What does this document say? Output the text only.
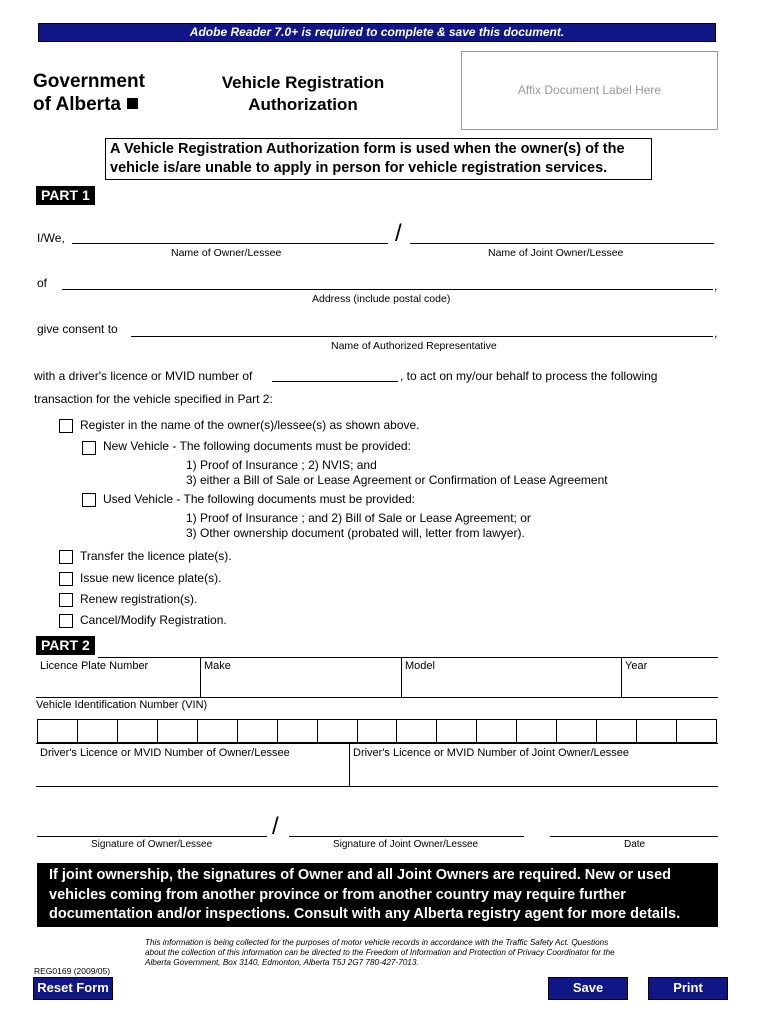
Adobe Reader 7.0+ is required to complete & save this document.
Government
of Alberta
Vehicle Registration
Authorization
Affix Document Label Here
A Vehicle Registration Authorization form is used when the owner(s) of the vehicle is/are unable to apply in person for vehicle registration services.
PART 1
I/We,	/
Name of Owner/Lessee	Name of Joint Owner/Lessee
of	,
Address (include postal code)
give consent to	,
Name of Authorized Representative
with a driver's licence or MVID number of	, to act on my/our behalf to process the following
transaction for the vehicle specified in Part 2:
Register in the name of the owner(s)/lessee(s) as shown above.
New Vehicle - The following documents must be provided:
1) Proof of Insurance ; 2) NVIS; and
3) either a Bill of Sale or Lease Agreement or Confirmation of Lease Agreement
Used Vehicle - The following documents must be provided:
1) Proof of Insurance ; and 2) Bill of Sale or Lease Agreement; or
3) Other ownership document (probated will, letter from lawyer).
Transfer the licence plate(s).
Issue new licence plate(s).
Renew registration(s).
Cancel/Modify Registration.
PART 2
Licence Plate Number	Make	Model	Year
Vehicle Identification Number (VIN)
Driver's Licence or MVID Number of Owner/Lessee	Driver's Licence or MVID Number of Joint Owner/Lessee
/
Signature of Owner/Lessee	Signature of Joint Owner/Lessee	Date
If joint ownership, the signatures of Owner and all Joint Owners are required. New or used vehicles coming from another province or from another country may require further documentation and/or inspections. Consult with any Alberta registry agent for more details.
This information is being collected for the purposes of motor vehicle records in accordance with the Traffic Safety Act. Questions about the collection of this information can be directed to the Freedom of Information and Protection of Privacy Coordinator for the Alberta Government, Box 3140, Edmonton, Alberta T5J 2G7 780-427-7013.
REG0169 (2009/05)
Reset Form	Save	Print
